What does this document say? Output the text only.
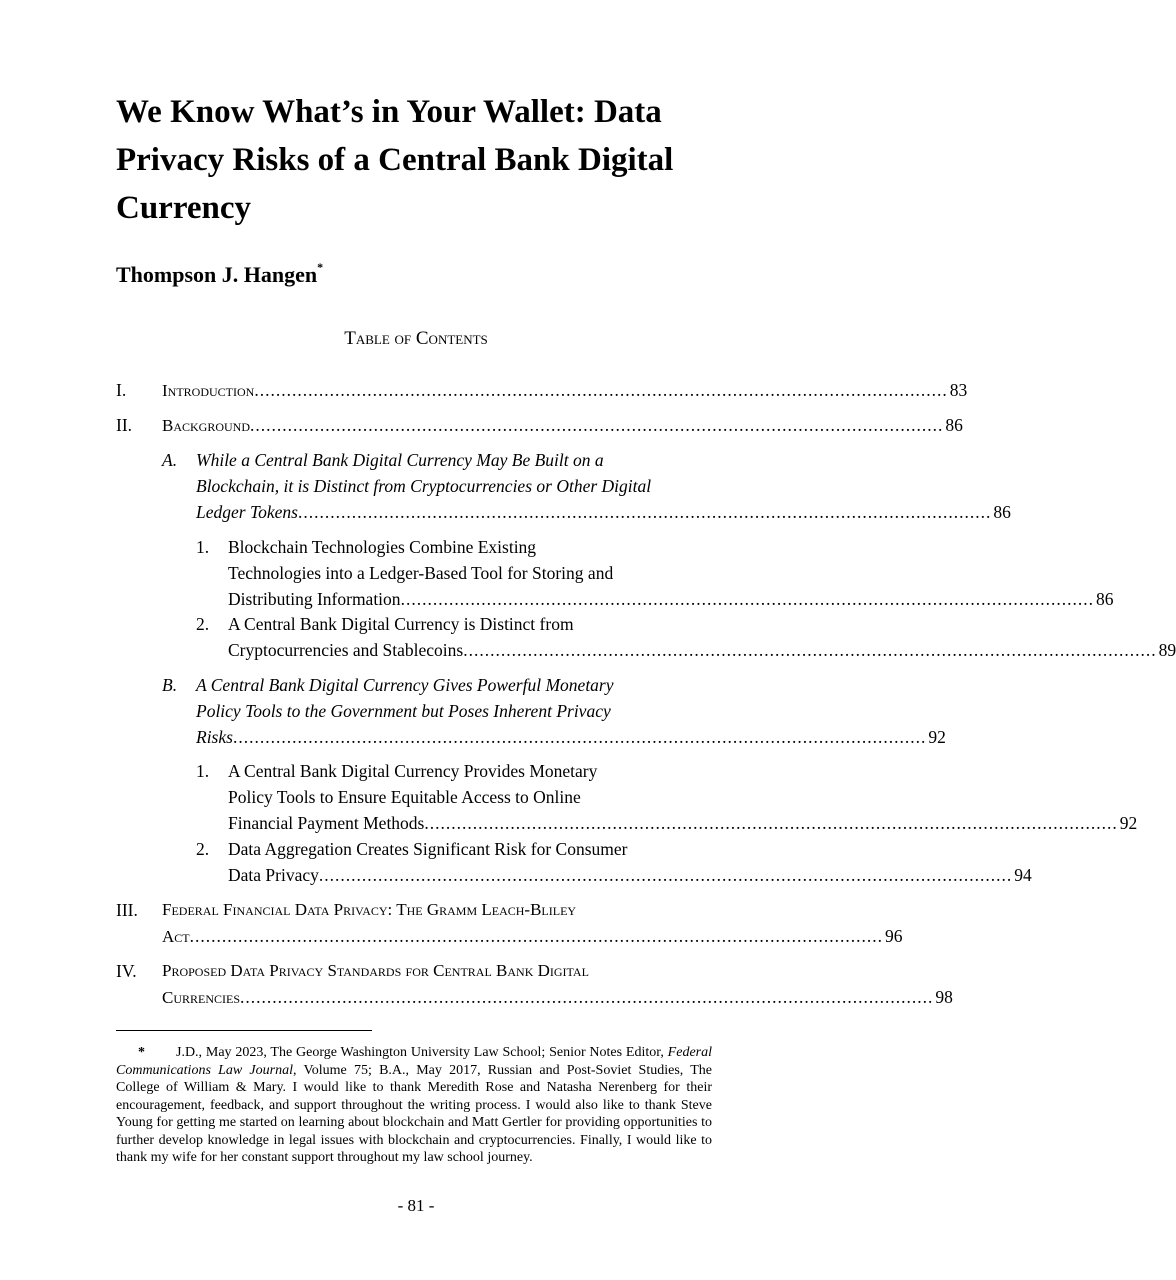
We Know What’s in Your Wallet: Data Privacy Risks of a Central Bank Digital Currency
Thompson J. Hangen*
Table of Contents
I. Introduction ................................................................................................................................. 83
II. Background ................................................................................................................................. 86
A. While a Central Bank Digital Currency May Be Built on a
Blockchain, it is Distinct from Cryptocurrencies or Other Digital
Ledger Tokens ................................................................................................................................. 86
1. Blockchain Technologies Combine Existing
Technologies into a Ledger-Based Tool for Storing and
Distributing Information ................................................................................................................................. 86
2. A Central Bank Digital Currency is Distinct from
Cryptocurrencies and Stablecoins ................................................................................................................................. 89
B. A Central Bank Digital Currency Gives Powerful Monetary
Policy Tools to the Government but Poses Inherent Privacy
Risks ................................................................................................................................. 92
1. A Central Bank Digital Currency Provides Monetary
Policy Tools to Ensure Equitable Access to Online
Financial Payment Methods ................................................................................................................................. 92
2. Data Aggregation Creates Significant Risk for Consumer
Data Privacy ................................................................................................................................. 94
III. Federal Financial Data Privacy: The Gramm Leach-Bliley
Act ................................................................................................................................. 96
IV. Proposed Data Privacy Standards for Central Bank Digital
Currencies ................................................................................................................................. 98
* J.D., May 2023, The George Washington University Law School; Senior Notes Editor, Federal Communications Law Journal, Volume 75; B.A., May 2017, Russian and Post-Soviet Studies, The College of William & Mary. I would like to thank Meredith Rose and Natasha Nerenberg for their encouragement, feedback, and support throughout the writing process. I would also like to thank Steve Young for getting me started on learning about blockchain and Matt Gertler for providing opportunities to further develop knowledge in legal issues with blockchain and cryptocurrencies. Finally, I would like to thank my wife for her constant support throughout my law school journey.
- 81 -
